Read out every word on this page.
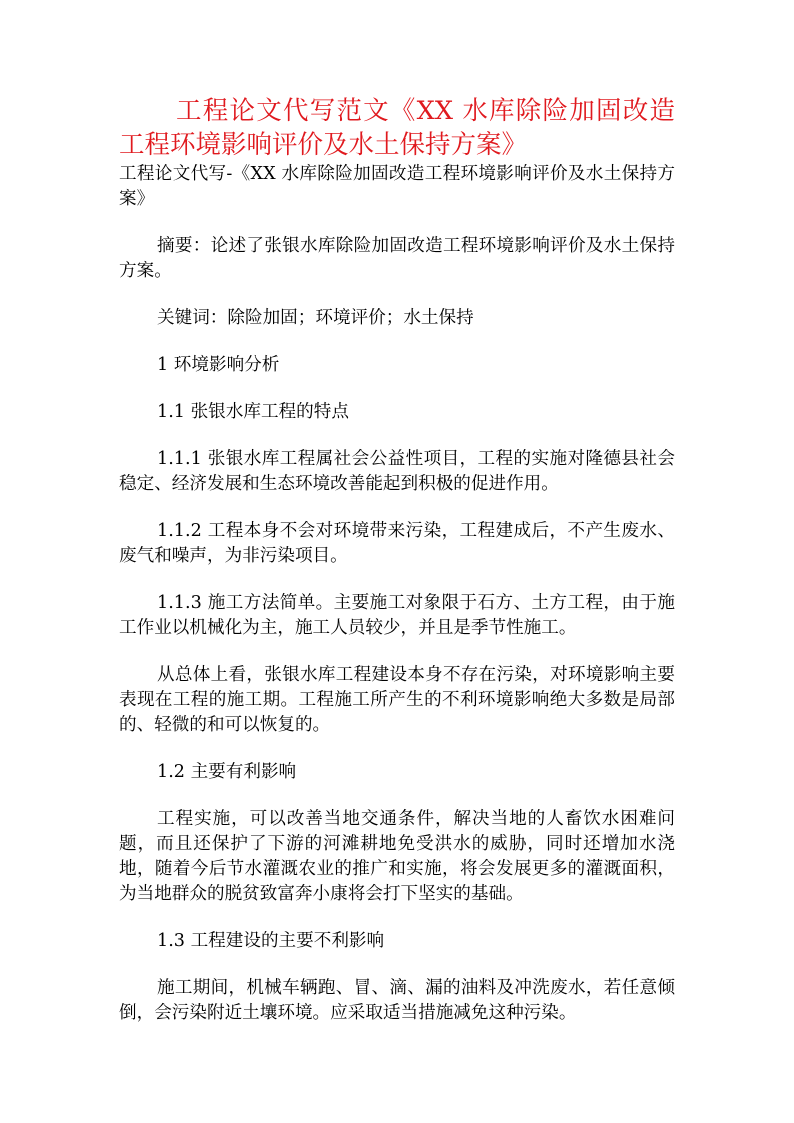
工程论文代写范文《XX 水库除险加固改造工程环境影响评价及水土保持方案》

工程论文代写-《XX 水库除险加固改造工程环境影响评价及水土保持方案》

摘要：论述了张银水库除险加固改造工程环境影响评价及水土保持方案。

关键词：除险加固；环境评价；水土保持

1 环境影响分析

1.1 张银水库工程的特点

1.1.1 张银水库工程属社会公益性项目，工程的实施对隆德县社会稳定、经济发展和生态环境改善能起到积极的促进作用。

1.1.2 工程本身不会对环境带来污染，工程建成后，不产生废水、废气和噪声，为非污染项目。

1.1.3 施工方法简单。主要施工对象限于石方、土方工程，由于施工作业以机械化为主，施工人员较少，并且是季节性施工。

从总体上看，张银水库工程建设本身不存在污染，对环境影响主要表现在工程的施工期。工程施工所产生的不利环境影响绝大多数是局部的、轻微的和可以恢复的。

1.2 主要有利影响

工程实施，可以改善当地交通条件，解决当地的人畜饮水困难问题，而且还保护了下游的河滩耕地免受洪水的威胁，同时还增加水浇地，随着今后节水灌溉农业的推广和实施，将会发展更多的灌溉面积，为当地群众的脱贫致富奔小康将会打下坚实的基础。

1.3 工程建设的主要不利影响

施工期间，机械车辆跑、冒、滴、漏的油料及冲洗废水，若任意倾倒，会污染附近土壤环境。应采取适当措施减免这种污染。
